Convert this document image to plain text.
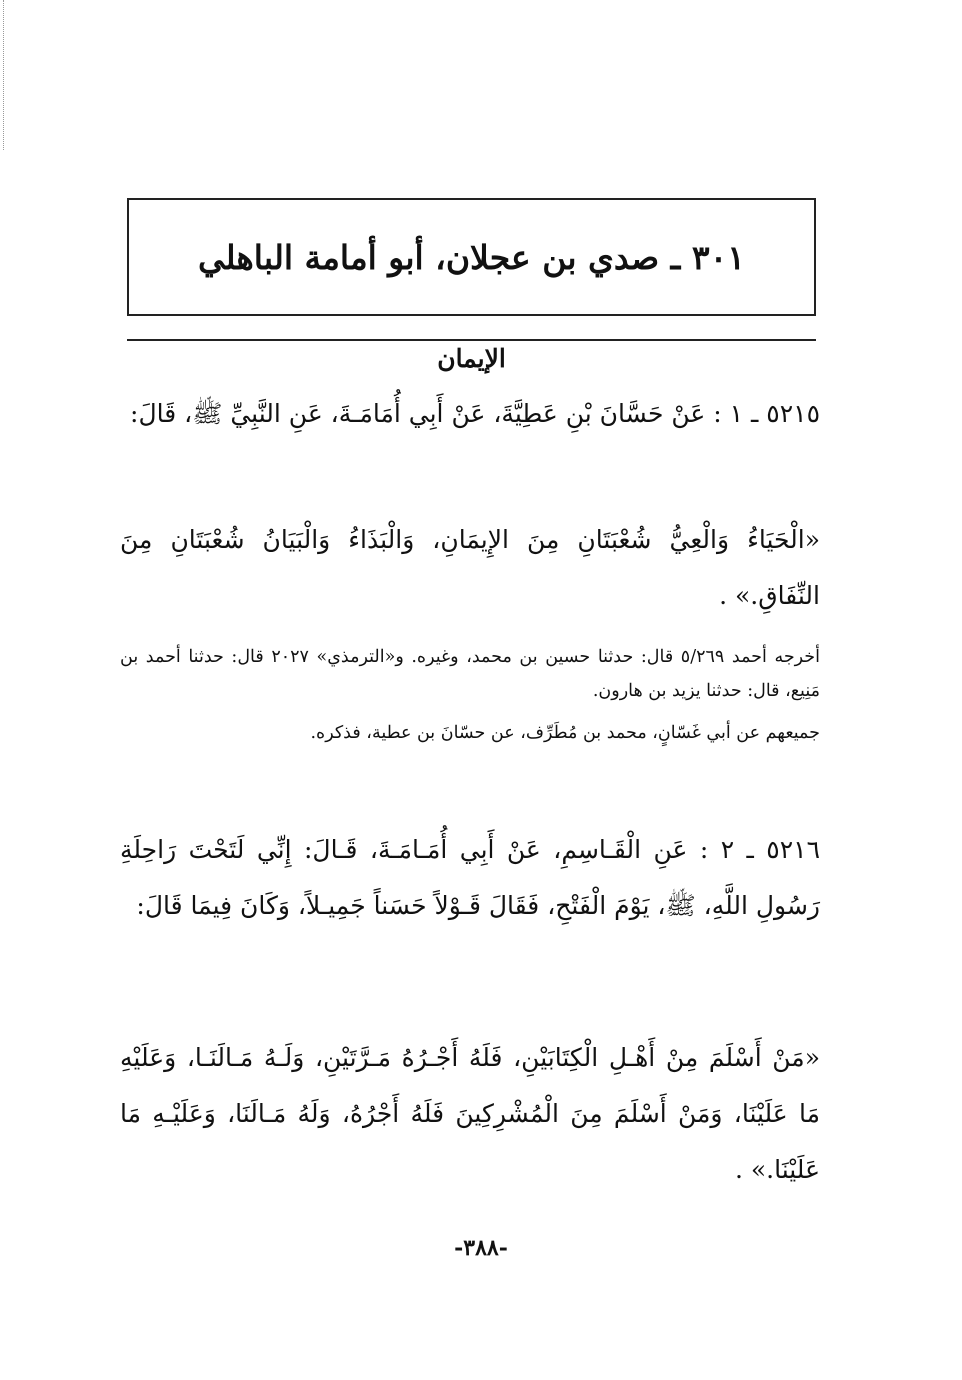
٣٠١ ـ صدي بن عجلان، أبو أمامة الباهلي
الإيمان

٥٢١٥ ـ ١ : عَنْ حَسَّانَ بْنِ عَطِيَّةَ، عَنْ أَبِي أُمَامَـةَ، عَنِ النَّبِيِّ ﷺ، قَالَ:

«الْحَيَاءُ وَالْعِيُّ شُعْبَتَانِ مِنَ الإِيمَانِ، وَالْبَذَاءُ وَالْبَيَانُ شُعْبَتَانِ مِنَ النِّفَاقِ.» .

أخرجه أحمد ٥/٢٦٩ قال: حدثنا حسين بن محمد، وغيره. و«الترمذي» ٢٠٢٧ قال: حدثنا أحمد بن مَنِيع، قال: حدثنا يزيد بن هارون.

جميعهم عن أبي غَسّانٍ، محمد بن مُطَرِّف، عن حسّانَ بن عطية، فذكره.

٥٢١٦ ـ ٢ : عَنِ الْقَـاسِمِ، عَنْ أَبِي أُمَـامَـةَ، قَـالَ: إِنِّي لَتَحْتَ رَاحِلَةِ رَسُولِ اللَّهِ، ﷺ، يَوْمَ الْفَتْحِ، فَقَالَ قَـوْلاً حَسَناً جَمِيـلاً، وَكَانَ فِيمَا قَالَ:

«مَنْ أَسْلَمَ مِنْ أَهْـلِ الْكِتَابَيْنِ، فَلَهُ أَجْـرُهُ مَـرَّتَيْنِ، وَلَـهُ مَـالَنَـا، وَعَلَيْهِ مَا عَلَيْنَا، وَمَنْ أَسْلَمَ مِنَ الْمُشْرِكِينَ فَلَهُ أَجْرُهُ، وَلَهُ مَـالَنَا، وَعَلَيْـهِ مَا عَلَيْنَا.» .

-٣٨٨-
